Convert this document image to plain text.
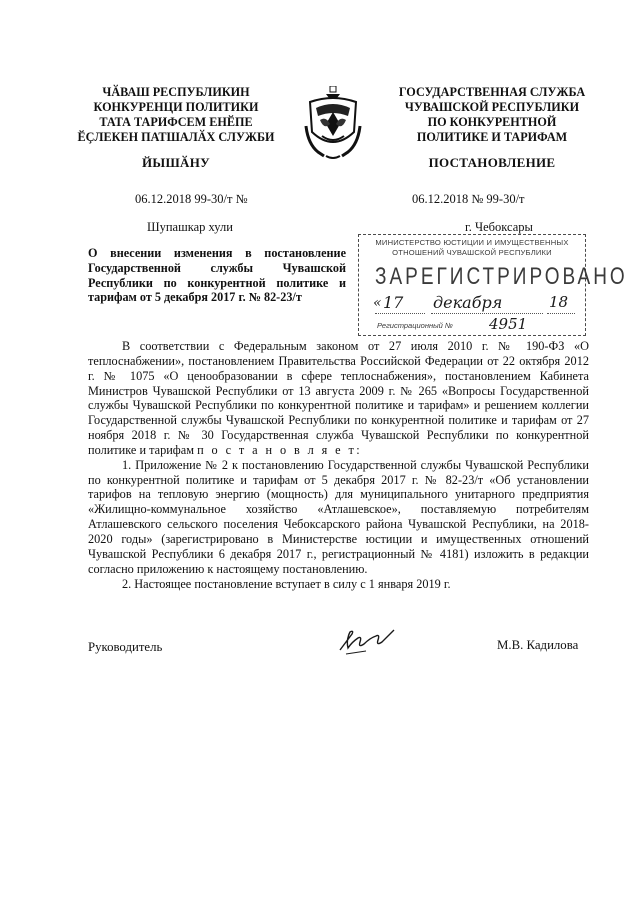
ЧӐВАШ РЕСПУБЛИКИН
КОНКУРЕНЦИ ПОЛИТИКИ
ТАТА ТАРИФСЕМ ЕНӖПЕ
ӖҪЛЕКЕН ПАТШАЛӐХ СЛУЖБИ
ГОСУДАРСТВЕННАЯ СЛУЖБА
ЧУВАШСКОЙ РЕСПУБЛИКИ
ПО КОНКУРЕНТНОЙ
ПОЛИТИКЕ И ТАРИФАМ
ЙЫШӐНУ	ПОСТАНОВЛЕНИЕ
06.12.2018 99-30/т №	06.12.2018 № 99-30/т
Шупашкар хули	г. Чебоксары
О внесении изменения в постановление Государственной службы Чувашской Республики по конкурентной политике и тарифам от 5 декабря 2017 г. № 82-23/т
МИНИСТЕРСТВО ЮСТИЦИИ И ИМУЩЕСТВЕННЫХ
ОТНОШЕНИЙ ЧУВАШСКОЙ РЕСПУБЛИКИ
ЗАРЕГИСТРИРОВАНО
« 17 декабря	18
Регистрационный № 4951

В соответствии с Федеральным законом от 27 июля 2010 г. № 190-ФЗ «О теплоснабжении», постановлением Правительства Российской Федерации от 22 октября 2012 г. № 1075 «О ценообразовании в сфере теплоснабжения», постановлением Кабинета Министров Чувашской Республики от 13 августа 2009 г. № 265 «Вопросы Государственной службы Чувашской Республики по конкурентной политике и тарифам» и решением коллегии Государственной службы Чувашской Республики по конкурентной политике и тарифам от 27 ноября 2018 г. № 30 Государственная служба Чувашской Республики по конкурентной политике и тарифам п о с т а н о в л я е т:

1. Приложение № 2 к постановлению Государственной службы Чувашской Республики по конкурентной политике и тарифам от 5 декабря 2017 г. № 82-23/т «Об установлении тарифов на тепловую энергию (мощность) для муниципального унитарного предприятия «Жилищно-коммунальное хозяйство «Атлашевское», поставляемую потребителям Атлашевского сельского поселения Чебоксарского района Чувашской Республики, на 2018-2020 годы» (зарегистрировано в Министерстве юстиции и имущественных отношений Чувашской Республики 6 декабря 2017 г., регистрационный № 4181) изложить в редакции согласно приложению к настоящему постановлению.

2. Настоящее постановление вступает в силу с 1 января 2019 г.

Руководитель	М.В. Кадилова
